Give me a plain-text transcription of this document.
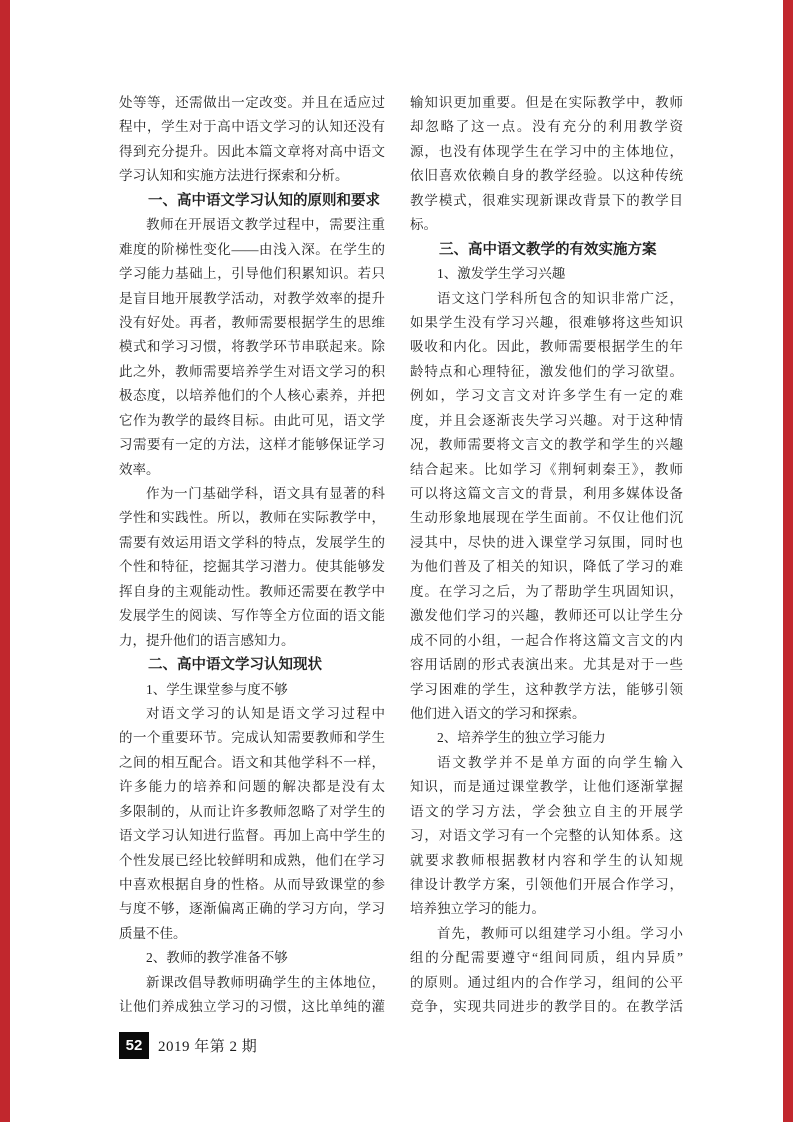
处等等，还需做出一定改变。并且在适应过
程中，学生对于高中语文学习的认知还没有
得到充分提升。因此本篇文章将对高中语文
学习认知和实施方法进行探索和分析。
一、高中语文学习认知的原则和要求
教师在开展语文教学过程中，需要注重
难度的阶梯性变化——由浅入深。在学生的
学习能力基础上，引导他们积累知识。若只
是盲目地开展教学活动，对教学效率的提升
没有好处。再者，教师需要根据学生的思维
模式和学习习惯，将教学环节串联起来。除
此之外，教师需要培养学生对语文学习的积
极态度，以培养他们的个人核心素养，并把
它作为教学的最终目标。由此可见，语文学
习需要有一定的方法，这样才能够保证学习
效率。
作为一门基础学科，语文具有显著的科
学性和实践性。所以，教师在实际教学中，
需要有效运用语文学科的特点，发展学生的
个性和特征，挖掘其学习潜力。使其能够发
挥自身的主观能动性。教师还需要在教学中
发展学生的阅读、写作等全方位面的语文能
力，提升他们的语言感知力。
二、高中语文学习认知现状
1、学生课堂参与度不够
对语文学习的认知是语文学习过程中
的一个重要环节。完成认知需要教师和学生
之间的相互配合。语文和其他学科不一样，
许多能力的培养和问题的解决都是没有太
多限制的，从而让许多教师忽略了对学生的
语文学习认知进行监督。再加上高中学生的
个性发展已经比较鲜明和成熟，他们在学习
中喜欢根据自身的性格。从而导致课堂的参
与度不够，逐渐偏离正确的学习方向，学习
质量不佳。
2、教师的教学准备不够
新课改倡导教师明确学生的主体地位，
让他们养成独立学习的习惯，这比单纯的灌
输知识更加重要。但是在实际教学中，教师
却忽略了这一点。没有充分的利用教学资
源，也没有体现学生在学习中的主体地位，
依旧喜欢依赖自身的教学经验。以这种传统
教学模式，很难实现新课改背景下的教学目
标。
三、高中语文教学的有效实施方案
1、激发学生学习兴趣
语文这门学科所包含的知识非常广泛，
如果学生没有学习兴趣，很难够将这些知识
吸收和内化。因此，教师需要根据学生的年
龄特点和心理特征，激发他们的学习欲望。
例如，学习文言文对许多学生有一定的难
度，并且会逐渐丧失学习兴趣。对于这种情
况，教师需要将文言文的教学和学生的兴趣
结合起来。比如学习《荆轲刺秦王》，教师
可以将这篇文言文的背景，利用多媒体设备
生动形象地展现在学生面前。不仅让他们沉
浸其中，尽快的进入课堂学习氛围，同时也
为他们普及了相关的知识，降低了学习的难
度。在学习之后，为了帮助学生巩固知识，
激发他们学习的兴趣，教师还可以让学生分
成不同的小组，一起合作将这篇文言文的内
容用话剧的形式表演出来。尤其是对于一些
学习困难的学生，这种教学方法，能够引领
他们进入语文的学习和探索。
2、培养学生的独立学习能力
语文教学并不是单方面的向学生输入
知识，而是通过课堂教学，让他们逐渐掌握
语文的学习方法，学会独立自主的开展学
习，对语文学习有一个完整的认知体系。这
就要求教师根据教材内容和学生的认知规
律设计教学方案，引领他们开展合作学习，
培养独立学习的能力。
首先，教师可以组建学习小组。学习小
组的分配需要遵守“组间同质，组内异质”
的原则。通过组内的合作学习，组间的公平
竞争，实现共同进步的教学目的。在教学活
52	2019 年第 2 期
